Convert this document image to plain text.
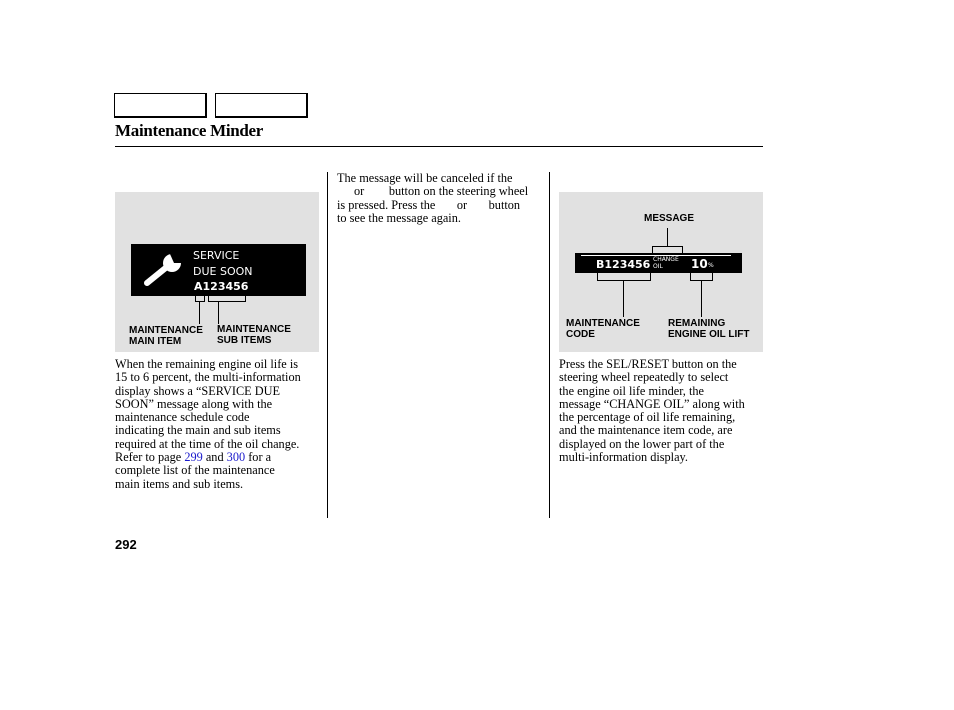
Maintenance Minder
SERVICE
DUE SOON
A123456
MAINTENANCE
MAIN ITEM
MAINTENANCE
SUB ITEMS
When the remaining engine oil life is
15 to 6 percent, the multi-information
display shows a “SERVICE DUE
SOON” message along with the
maintenance schedule code
indicating the main and sub items
required at the time of the oil change.
Refer to page 299 and 300 for a
complete list of the maintenance
main items and sub items.
The message will be canceled if the
or        button on the steering wheel
is pressed. Press the       or       button
to see the message again.	MESSAGE
B123456 CHANGE
OIL 10 %
MAINTENANCE
CODE
REMAINING
ENGINE OIL LIFT
Press the SEL/RESET button on the
steering wheel repeatedly to select
the engine oil life minder, the
message “CHANGE OIL” along with
the percentage of oil life remaining,
and the maintenance item code, are
displayed on the lower part of the
multi-information display.
292
